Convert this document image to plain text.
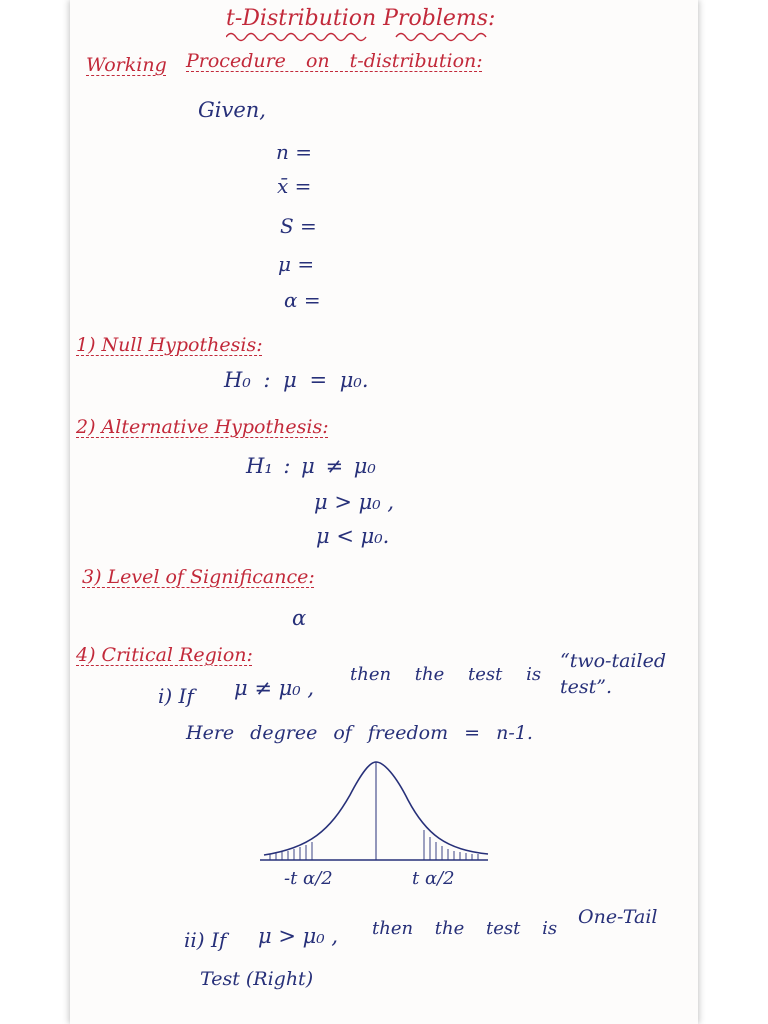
t-Distribution Problems:
Working Procedure on t-distribution:
Given,
n =
x̄ =
S =
μ =
α =
1) Null Hypothesis:
H₀ : μ = μ₀.
2) Alternative Hypothesis:
H₁ : μ ≠ μ₀
μ > μ₀ ,
μ < μ₀.
3) Level of Significance:
α
4) Critical Region:
i) If μ ≠ μ₀ ,
then the test is
“two-tailed test”.
Here degree of freedom = n-1.
-t α/2	t α/2
ii) If μ > μ₀ , then the test is
One-Tail
Test (Right)
